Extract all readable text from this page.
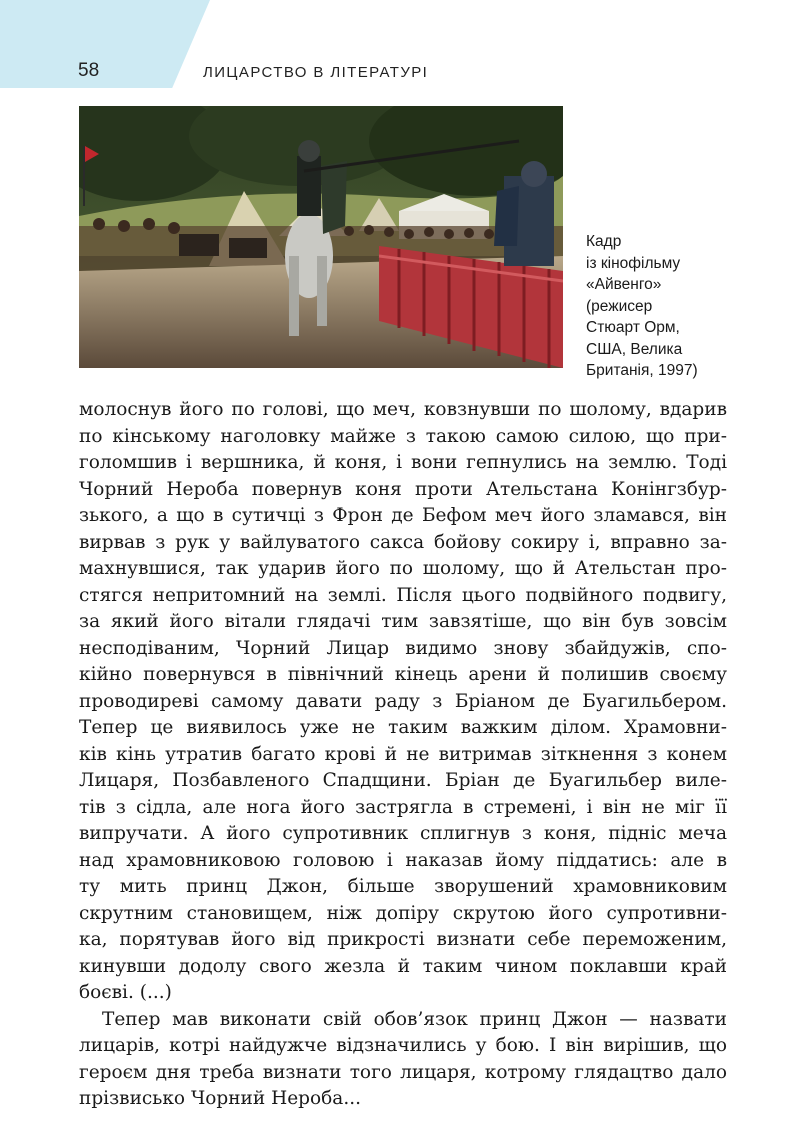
58	ЛИЦАРСТВО В ЛІТЕРАТУРІ
Кадр
із кінофільму
«Айвенго»
(режисер
Стюарт Орм,
США, Велика
Британія, 1997)
молоснув його по голові, що меч, ковзнувши по шолому, вдарив
по кінському наголовку майже з такою самою силою, що при-
голомшив і вершника, й коня, і вони гепнулись на землю. Тоді
Чорний Нероба повернув коня проти Ательстана Конінгзбур-
зького, а що в сутичці з Фрон де Бефом меч його зламався, він
вирвав з рук у вайлуватого сакса бойову сокиру і, вправно за-
махнувшися, так ударив його по шолому, що й Ательстан про-
стягся непритомний на землі. Після цього подвійного подвигу,
за який його вітали глядачі тим завзятіше, що він був зовсім
несподіваним, Чорний Лицар видимо знову збайдужів, спо-
кійно повернувся в північний кінець арени й полишив своєму
проводиреві самому давати раду з Бріаном де Буагильбером.
Тепер це виявилось уже не таким важким ділом. Храмовни-
ків кінь утратив багато крові й не витримав зіткнення з конем
Лицаря, Позбавленого Спадщини. Бріан де Буагильбер виле-
тів з сідла, але нога його застрягла в стремені, і він не міг її
випручати. А його супротивник сплигнув з коня, підніс меча
над храмовниковою головою і наказав йому піддатись: але в
ту мить принц Джон, більше зворушений храмовниковим
скрутним становищем, ніж допіру скрутою його супротивни-
ка, порятував його від прикрості визнати себе переможеним,
кинувши додолу свого жезла й таким чином поклавши край
боєві. (...)
Тепер мав виконати свій обов’язок принц Джон — назвати
лицарів, котрі найдужче відзначились у бою. І він вирішив, що
героєм дня треба визнати того лицаря, котрому глядацтво дало
прізвисько Чорний Нероба...
